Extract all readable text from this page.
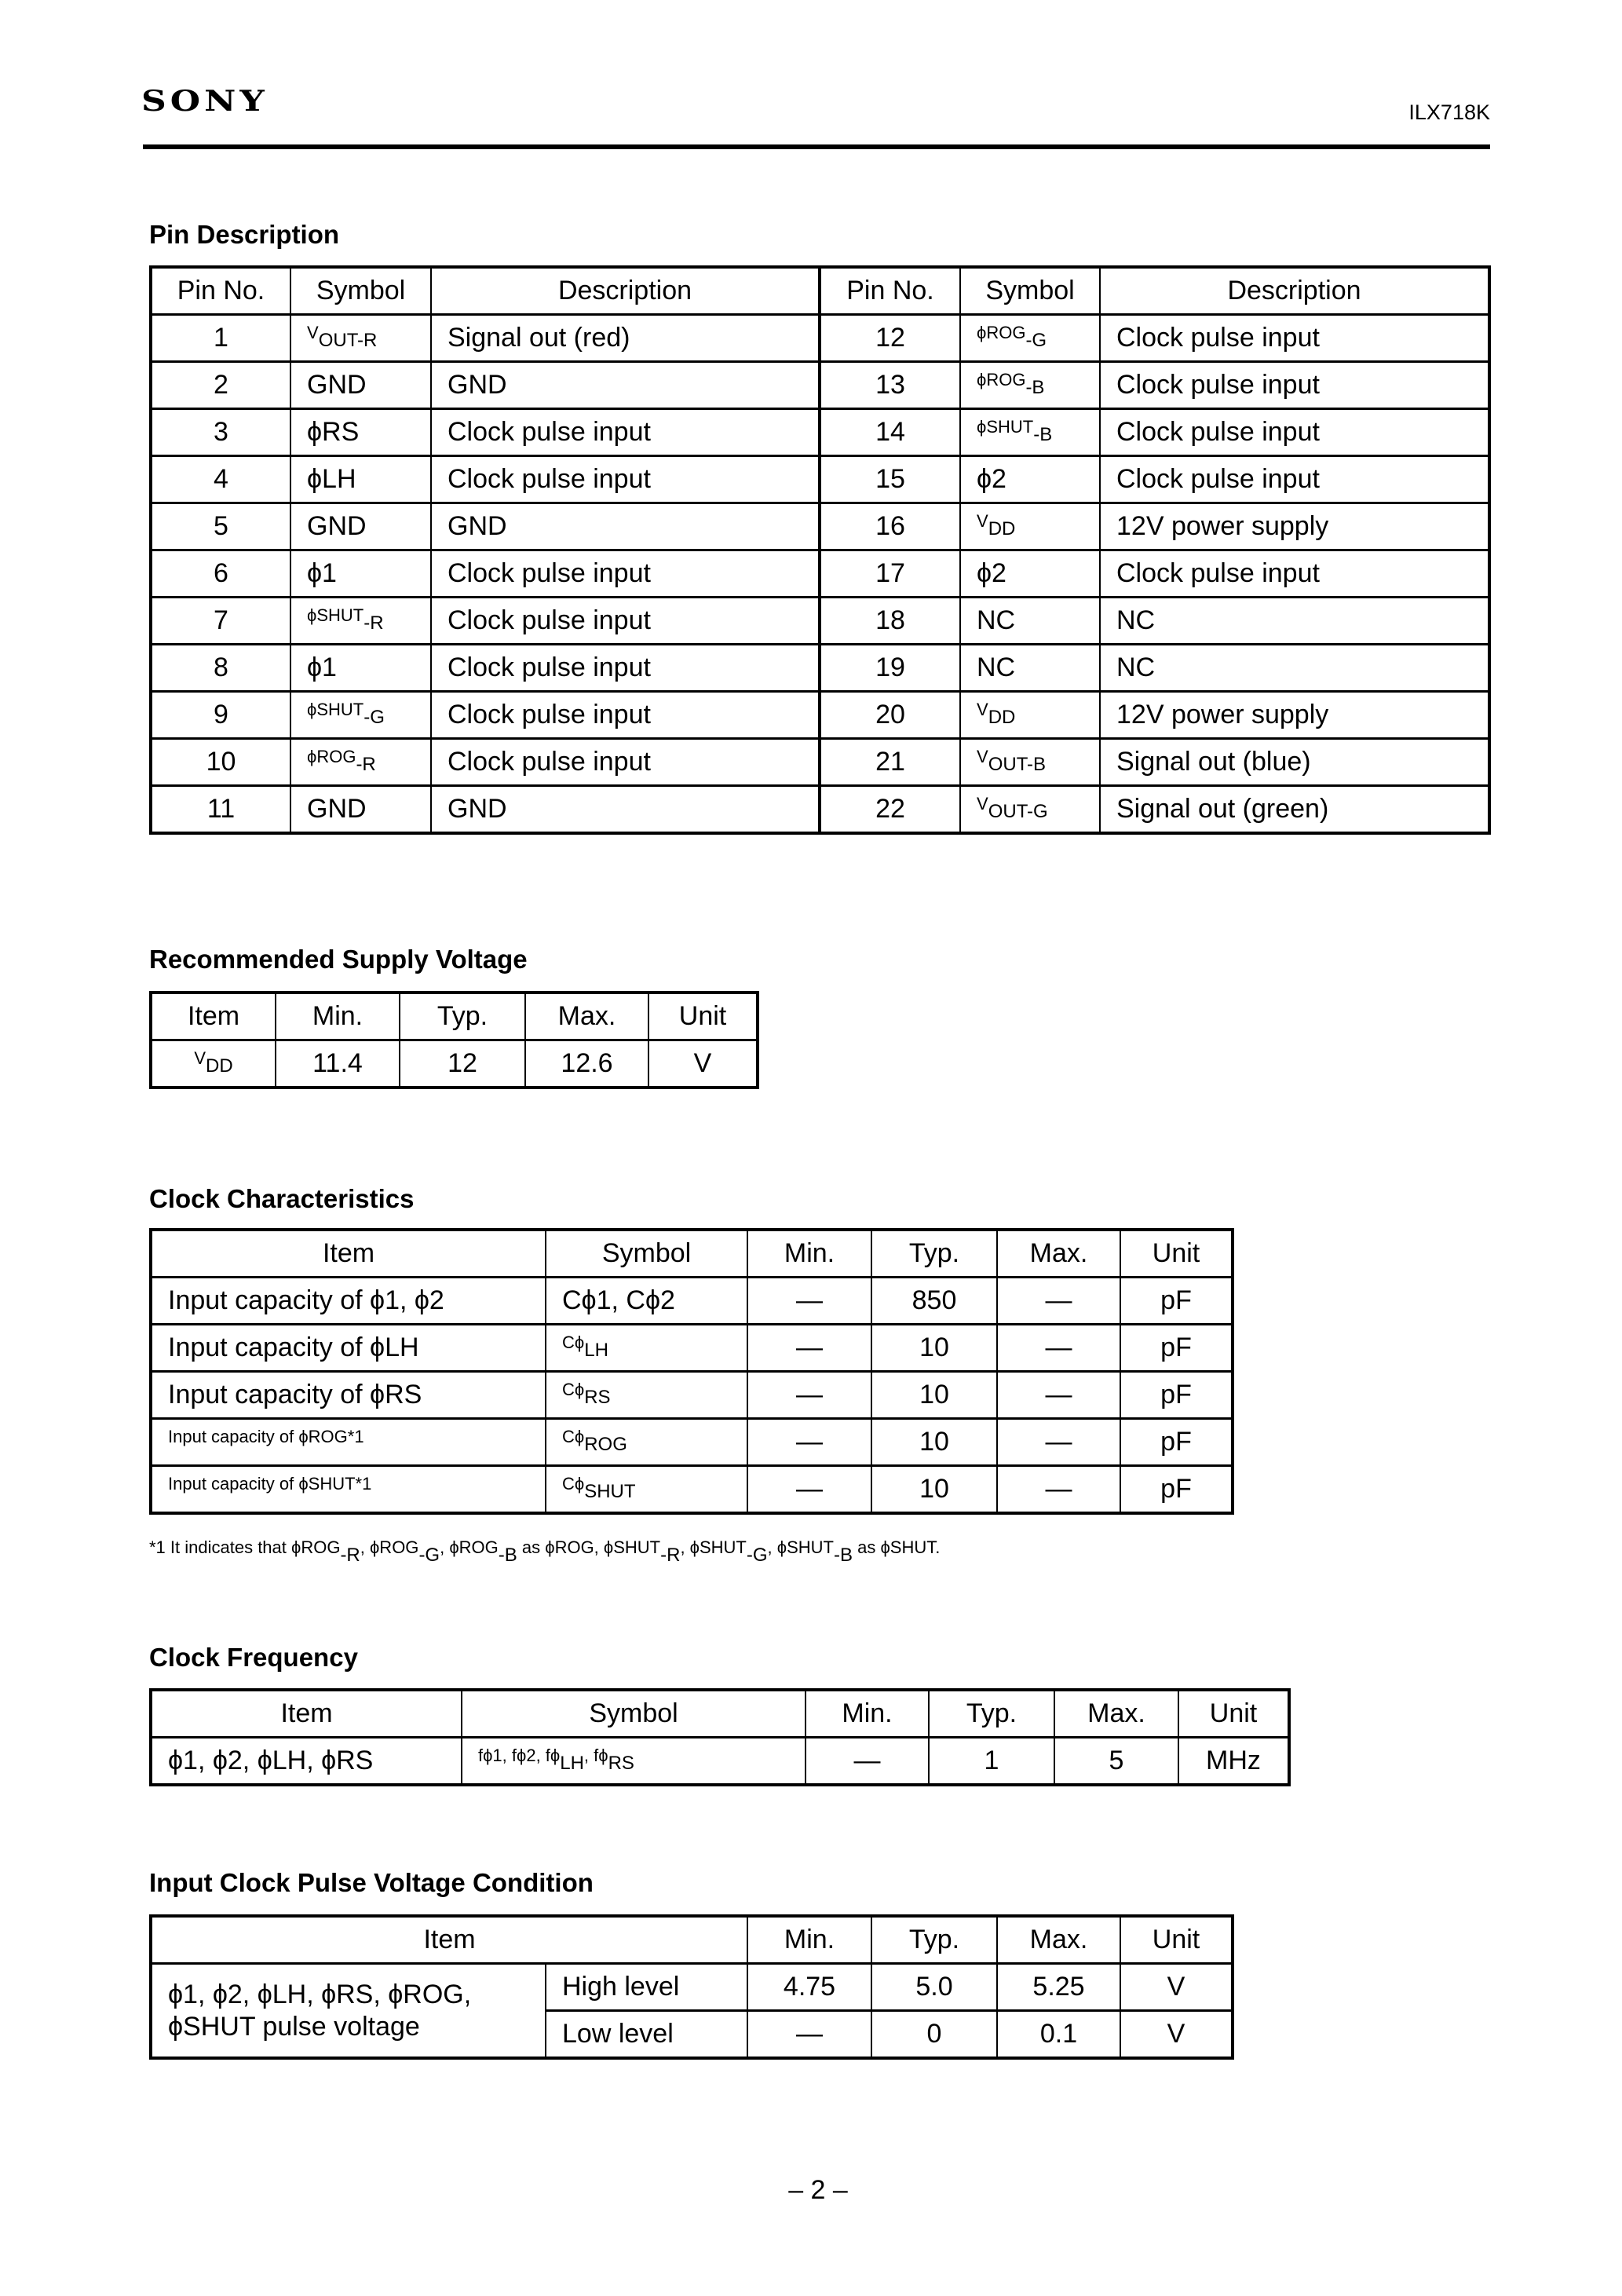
SONY	ILX718K
Pin Description
Pin No.	Symbol	Description	Pin No.	Symbol	Description
1	$^V$OUT-R	Signal out (red)	12	$^{\phi ROG}$-G	Clock pulse input
2	GND	GND	13	$^{\phi ROG}$-B	Clock pulse input
3	ϕRS	Clock pulse input	14	$^{\phi SHUT}$-B	Clock pulse input
4	ϕLH	Clock pulse input	15	ϕ2	Clock pulse input
5	GND	GND	16	$^V$DD	12V power supply
6	ϕ1	Clock pulse input	17	ϕ2	Clock pulse input
7	$^{\phi SHUT}$-R	Clock pulse input	18	NC	NC
8	ϕ1	Clock pulse input	19	NC	NC
9	$^{\phi SHUT}$-G	Clock pulse input	20	$^V$DD	12V power supply
10	$^{\phi ROG}$-R	Clock pulse input	21	$^V$OUT-B	Signal out (blue)
11	GND	GND	22	$^V$OUT-G	Signal out (green)
Recommended Supply Voltage
Item	Min.	Typ.	Max.	Unit
$^V$DD	11.4	12	12.6	V
Clock Characteristics
Item	Symbol	Min.	Typ.	Max.	Unit
Input capacity of ϕ1, ϕ2	Cϕ1, Cϕ2	—	850	—	pF
Input capacity of ϕLH	$^{C\phi}$LH	—	10	—	pF
Input capacity of ϕRS	$^{C\phi}$RS	—	10	—	pF
$^{Input capacity of \phi ROG*1}$	$^{C\phi}$ROG	—	10	—	pF
$^{Input capacity of \phi SHUT*1}$	$^{C\phi}$SHUT	—	10	—	pF
$^{*1}$ $^{It indicates that \phi ROG}-R^{, \phi ROG}-G^{, \phi ROG}-B$ $^{as \phi ROG, \phi SHUT}-R^{, \phi SHUT}-G^{, \phi SHUT}-B$ $^{as \phi SHUT.}$
Clock Frequency
Item	Symbol	Min.	Typ.	Max.	Unit
ϕ1, ϕ2, ϕLH, ϕRS	$^{f\phi 1, f\phi 2, f\phi}LH^{, f\phi}RS$	—	1	5	MHz
Input Clock Pulse Voltage Condition
Item		Min.	Typ.	Max.	Unit
ϕ1, ϕ2, ϕLH, ϕRS, ϕROG,
ϕSHUT pulse voltage	High level	4.75	5.0	5.25	V
	Low level	—	0	0.1	V
– 2 –
